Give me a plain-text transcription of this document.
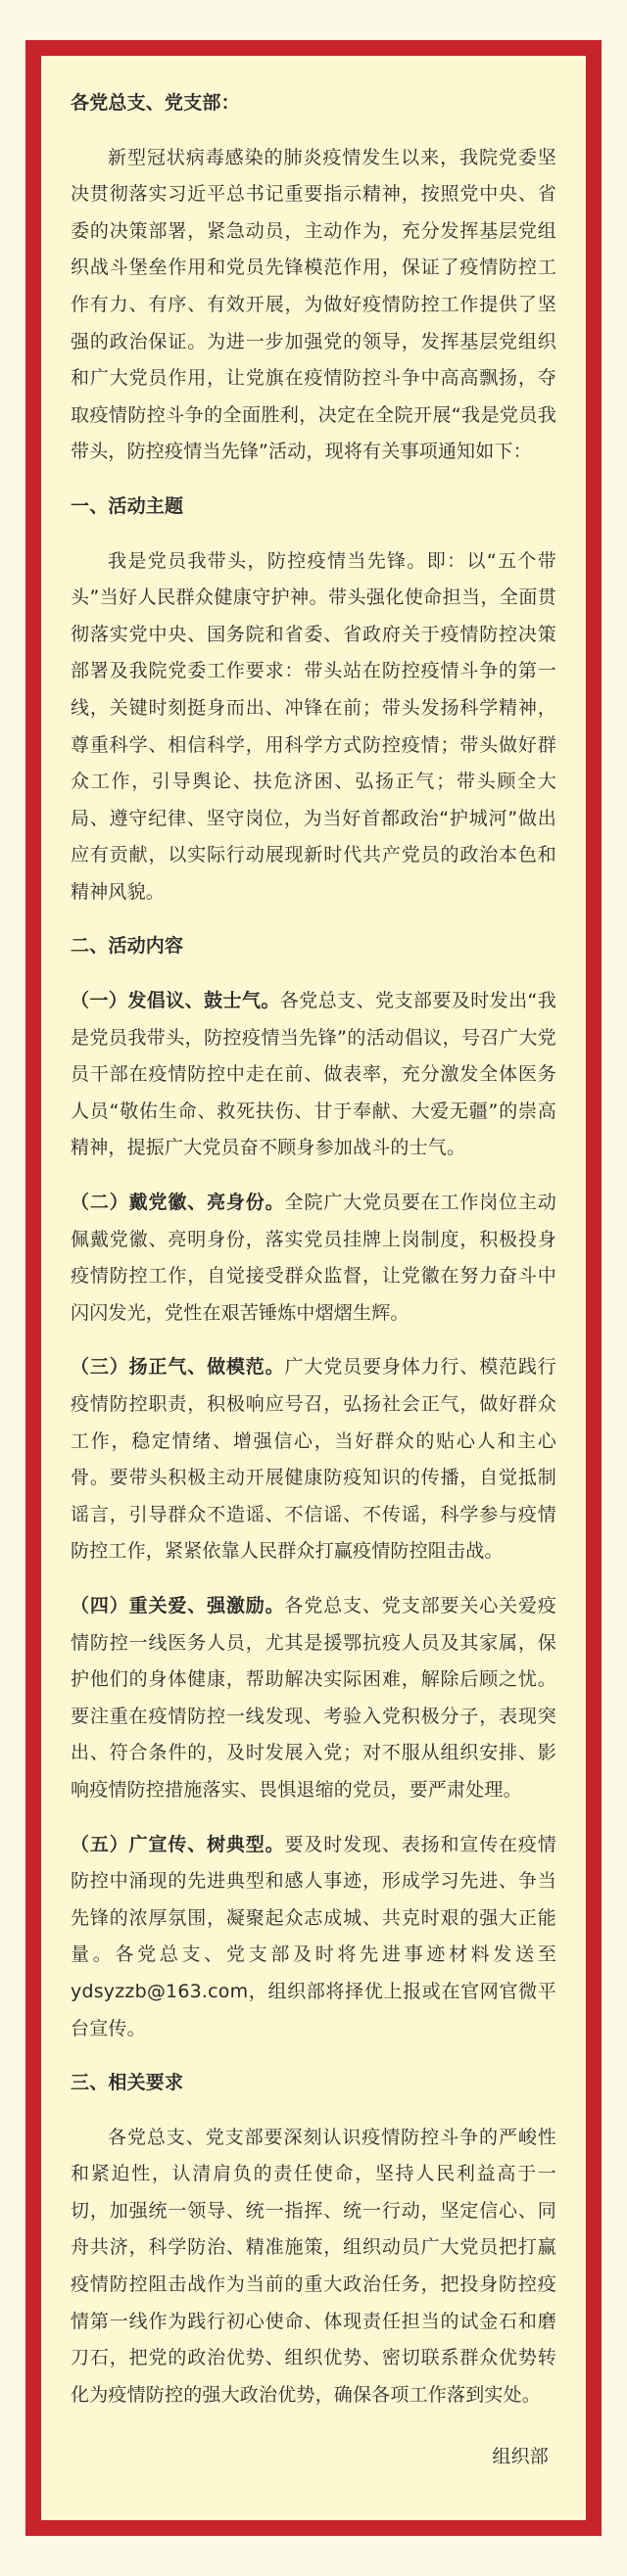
各党总支、党支部：

新型冠状病毒感染的肺炎疫情发生以来，我院党委坚决贯彻落实习近平总书记重要指示精神，按照党中央、省委的决策部署，紧急动员，主动作为，充分发挥基层党组织战斗堡垒作用和党员先锋模范作用，保证了疫情防控工作有力、有序、有效开展，为做好疫情防控工作提供了坚强的政治保证。为进一步加强党的领导，发挥基层党组织和广大党员作用，让党旗在疫情防控斗争中高高飘扬，夺取疫情防控斗争的全面胜利，决定在全院开展“我是党员我带头，防控疫情当先锋”活动，现将有关事项通知如下：

一、活动主题

我是党员我带头，防控疫情当先锋。即：以“五个带头”当好人民群众健康守护神。带头强化使命担当，全面贯彻落实党中央、国务院和省委、省政府关于疫情防控决策部署及我院党委工作要求：带头站在防控疫情斗争的第一线，关键时刻挺身而出、冲锋在前；带头发扬科学精神，尊重科学、相信科学，用科学方式防控疫情；带头做好群众工作，引导舆论、扶危济困、弘扬正气；带头顾全大局、遵守纪律、坚守岗位，为当好首都政治“护城河”做出应有贡献，以实际行动展现新时代共产党员的政治本色和精神风貌。

二、活动内容

（一）发倡议、鼓士气。各党总支、党支部要及时发出“我是党员我带头，防控疫情当先锋”的活动倡议，号召广大党员干部在疫情防控中走在前、做表率，充分激发全体医务人员“敬佑生命、救死扶伤、甘于奉献、大爱无疆”的崇高精神，提振广大党员奋不顾身参加战斗的士气。

（二）戴党徽、亮身份。全院广大党员要在工作岗位主动佩戴党徽、亮明身份，落实党员挂牌上岗制度，积极投身疫情防控工作，自觉接受群众监督，让党徽在努力奋斗中闪闪发光，党性在艰苦锤炼中熠熠生辉。

（三）扬正气、做模范。广大党员要身体力行、模范践行疫情防控职责，积极响应号召，弘扬社会正气，做好群众工作，稳定情绪、增强信心，当好群众的贴心人和主心骨。要带头积极主动开展健康防疫知识的传播，自觉抵制谣言，引导群众不造谣、不信谣、不传谣，科学参与疫情防控工作，紧紧依靠人民群众打赢疫情防控阻击战。

（四）重关爱、强激励。各党总支、党支部要关心关爱疫情防控一线医务人员，尤其是援鄂抗疫人员及其家属，保护他们的身体健康，帮助解决实际困难，解除后顾之忧。要注重在疫情防控一线发现、考验入党积极分子，表现突出、符合条件的，及时发展入党；对不服从组织安排、影响疫情防控措施落实、畏惧退缩的党员，要严肃处理。

（五）广宣传、树典型。要及时发现、表扬和宣传在疫情防控中涌现的先进典型和感人事迹，形成学习先进、争当先锋的浓厚氛围，凝聚起众志成城、共克时艰的强大正能量。各党总支、党支部及时将先进事迹材料发送至ydsyzzb@163.com，组织部将择优上报或在官网官微平台宣传。

三、相关要求

各党总支、党支部要深刻认识疫情防控斗争的严峻性和紧迫性，认清肩负的责任使命，坚持人民利益高于一切，加强统一领导、统一指挥、统一行动，坚定信心、同舟共济，科学防治、精准施策，组织动员广大党员把打赢疫情防控阻击战作为当前的重大政治任务，把投身防控疫情第一线作为践行初心使命、体现责任担当的试金石和磨刀石，把党的政治优势、组织优势、密切联系群众优势转化为疫情防控的强大政治优势，确保各项工作落到实处。

组织部
